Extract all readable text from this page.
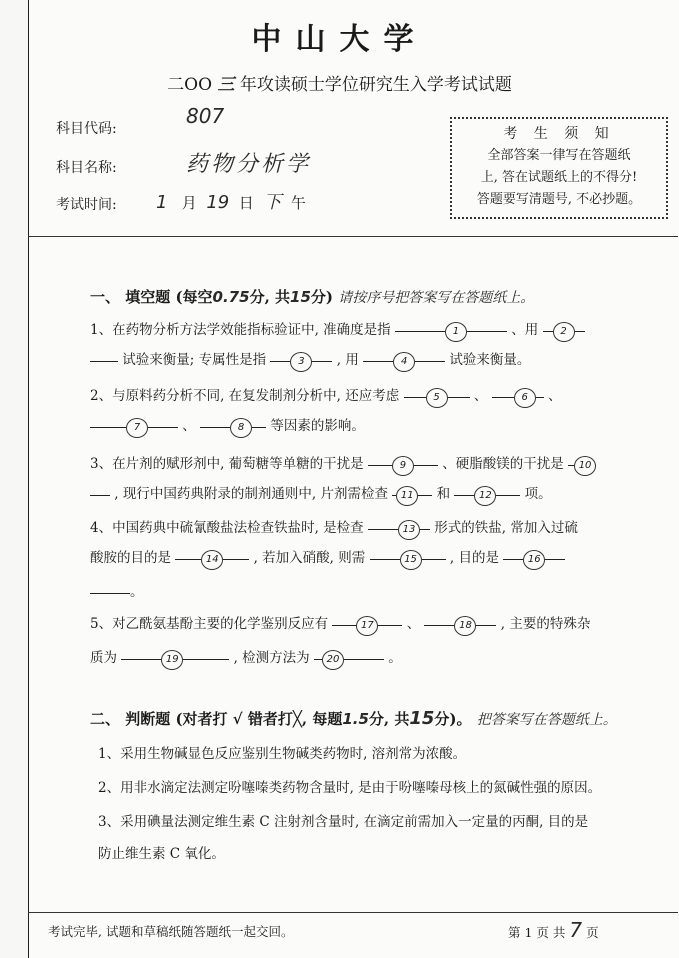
中山大学
二OO 三 年攻读硕士学位研究生入学考试试题
科目代码:
807
科目名称:	药物分析学
考试时间: 1 月 19 日 下 午
考 生 须 知
全部答案一律写在答题纸
上, 答在试题纸上的不得分!
答题要写清题号, 不必抄题。
一、 填空题 (每空0.75分, 共15分) 请按序号把答案写在答题纸上。
1、在药物分析方法学效能指标验证中, 准确度是指	1	、用 2
试验来衡量; 专属性是指	3 , 用	4	试验来衡量。
2、与原料药分析不同, 在复发制剂分析中, 还应考虑	5	、	6 、
7	、	8 等因素的影响。
3、在片剂的赋形剂中, 葡萄糖等单糖的干扰是	9	、硬脂酸镁的干扰是 10
, 现行中国药典附录的制剂通则中, 片剂需检查 11 和	12 项。
4、中国药典中硫氰酸盐法检查铁盐时, 是检查	13 形式的铁盐, 常加入过硫
酸胺的目的是	14	, 若加入硝酸, 则需	15 , 目的是	16
。
5、对乙酰氨基酚主要的化学鉴别反应有	17 、	18 , 主要的特殊杂
质为	19	, 检测方法为 20	。
二、 判断题 (对者打 √ 错者打╳, 每题1.5分, 共15分)。 把答案写在答题纸上。
1、采用生物碱显色反应鉴别生物碱类药物时, 溶剂常为浓酸。
2、用非水滴定法测定吩噻嗪类药物含量时, 是由于吩噻嗪母核上的氮碱性强的原因。
3、采用碘量法测定维生素 C 注射剂含量时, 在滴定前需加入一定量的丙酮, 目的是
防止维生素 C 氧化。
考试完毕, 试题和草稿纸随答题纸一起交回。	第 1 页 共 7 页
